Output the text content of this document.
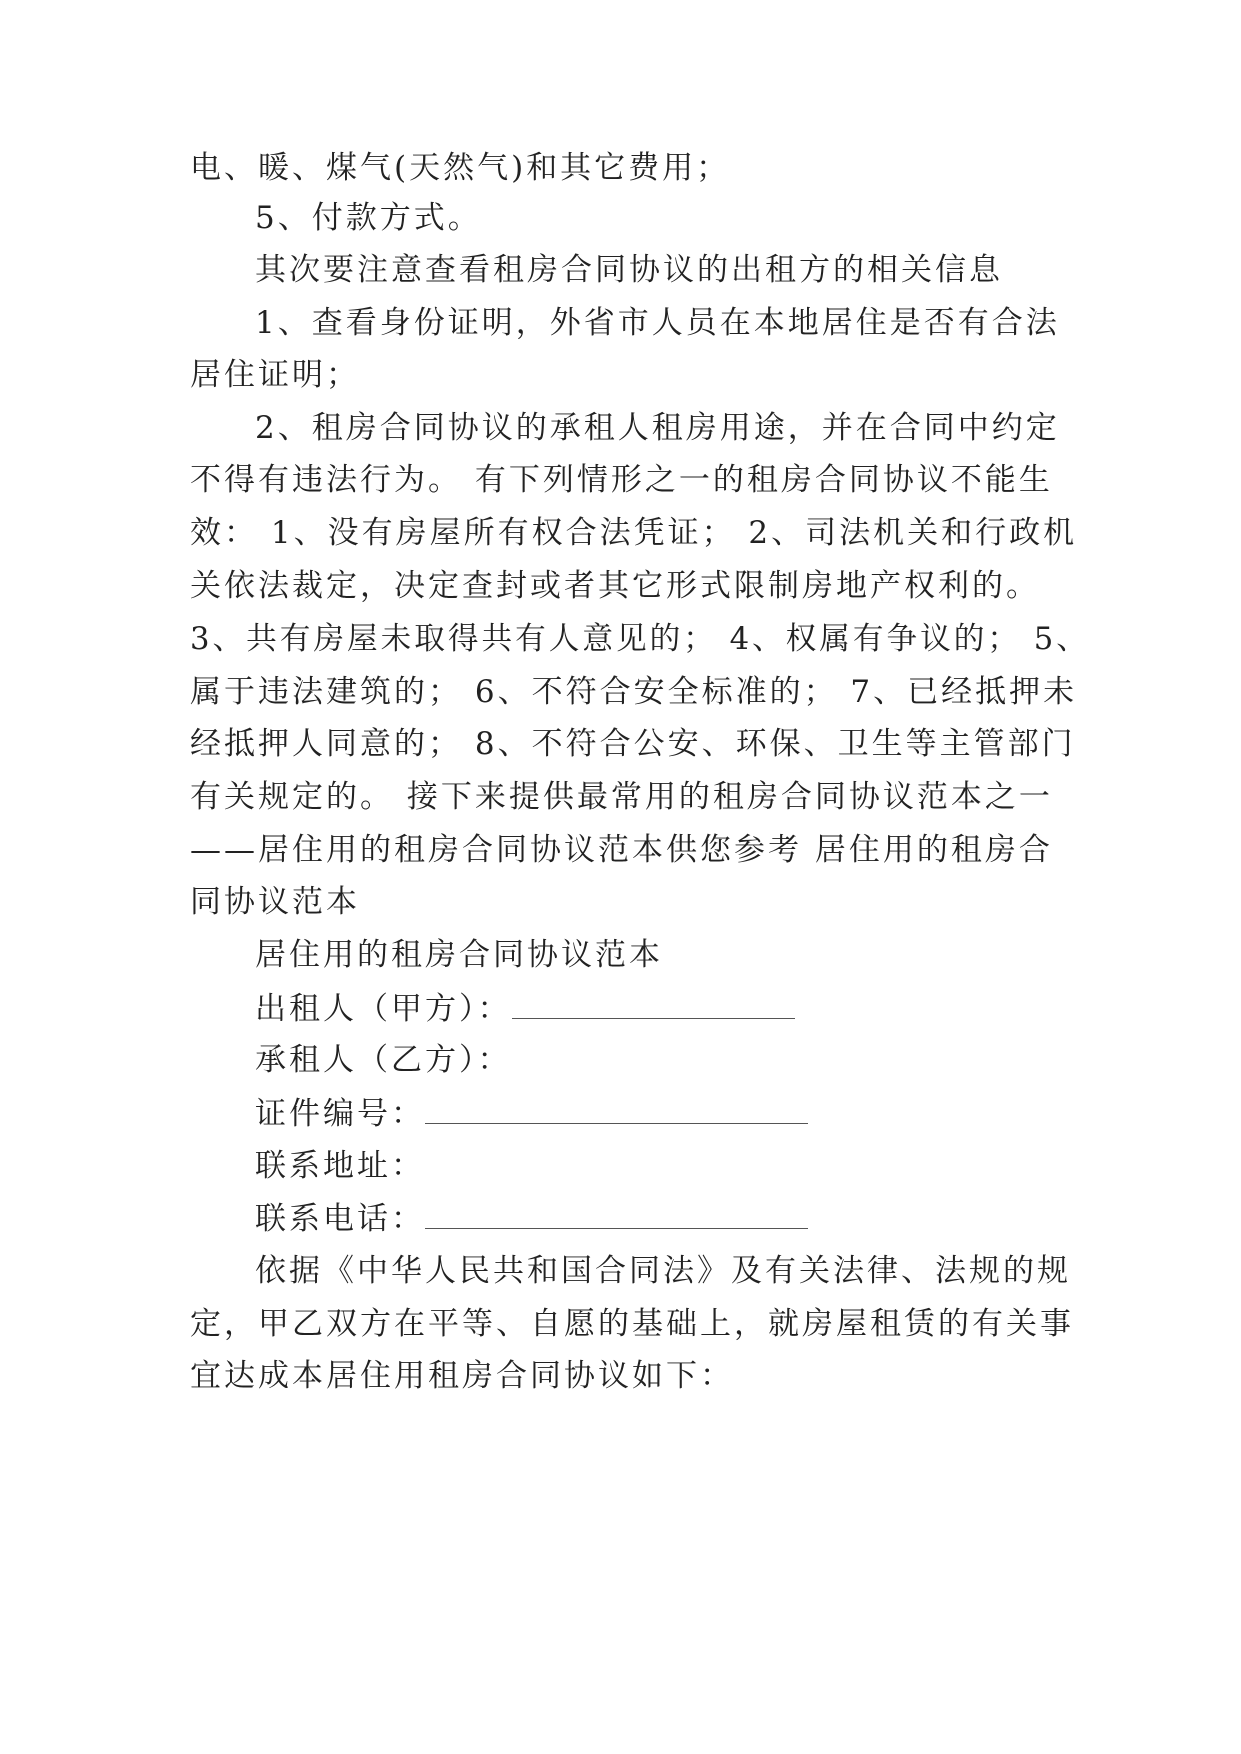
电、暖、煤气(天然气)和其它费用；
5、付款方式。
其次要注意查看租房合同协议的出租方的相关信息
1、查看身份证明，外省市人员在本地居住是否有合法
居住证明；
2、租房合同协议的承租人租房用途，并在合同中约定
不得有违法行为。 有下列情形之一的租房合同协议不能生
效： 1、没有房屋所有权合法凭证； 2、司法机关和行政机
关依法裁定，决定查封或者其它形式限制房地产权利的。
3、共有房屋未取得共有人意见的； 4、权属有争议的； 5、
属于违法建筑的； 6、不符合安全标准的； 7、已经抵押未
经抵押人同意的； 8、不符合公安、环保、卫生等主管部门
有关规定的。 接下来提供最常用的租房合同协议范本之一
——居住用的租房合同协议范本供您参考 居住用的租房合
同协议范本
居住用的租房合同协议范本
出租人（甲方）：
承租人（乙方）：
证件编号：
联系地址：
联系电话：
依据《中华人民共和国合同法》及有关法律、法规的规
定，甲乙双方在平等、自愿的基础上，就房屋租赁的有关事
宜达成本居住用租房合同协议如下：
